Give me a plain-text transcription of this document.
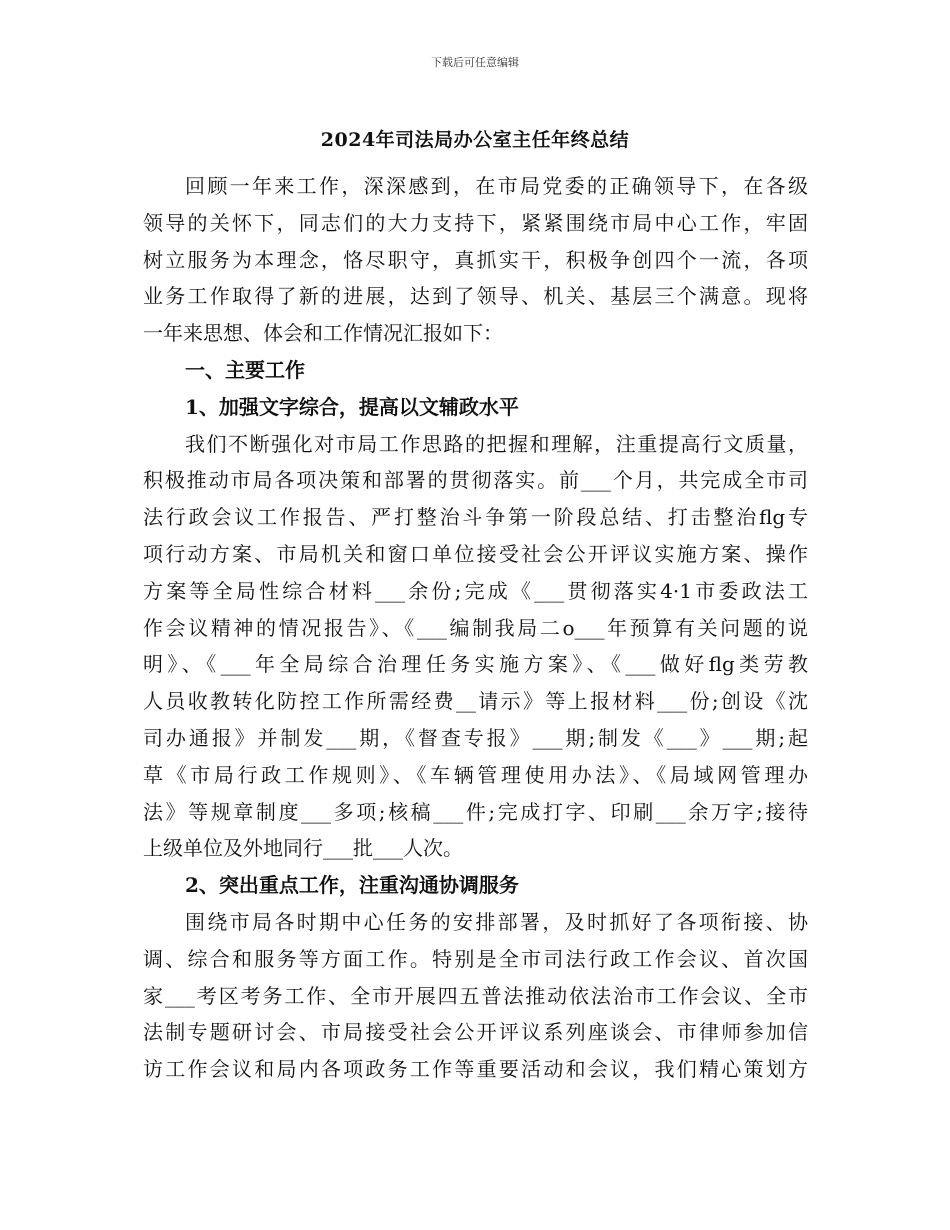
下载后可任意编辑
2024年司法局办公室主任年终总结
回顾一年来工作，深深感到，在市局党委的正确领导下，在各级
领导的关怀下，同志们的大力支持下，紧紧围绕市局中心工作，牢固
树立服务为本理念，恪尽职守，真抓实干，积极争创四个一流，各项
业务工作取得了新的进展，达到了领导、机关、基层三个满意。现将
一年来思想、体会和工作情况汇报如下：
一、主要工作
1、加强文字综合，提高以文辅政水平
我们不断强化对市局工作思路的把握和理解，注重提高行文质量，
积极推动市局各项决策和部署的贯彻落实。前___个月，共完成全市司
法行政会议工作报告、严打整治斗争第一阶段总结、打击整治flg专
项行动方案、市局机关和窗口单位接受社会公开评议实施方案、操作
方案等全局性综合材料___余份;完成《___贯彻落实4·1市委政法工
作会议精神的情况报告》、《___编制我局二o___年预算有关问题的说
明》、《___年全局综合治理任务实施方案》、《___做好flg类劳教
人员收教转化防控工作所需经费__请示》等上报材料___份;创设《沈
司办通报》并制发___期，《督查专报》___期;制发《___》___期;起
草《市局行政工作规则》、《车辆管理使用办法》、《局域网管理办
法》等规章制度___多项;核稿___件;完成打字、印刷___余万字;接待
上级单位及外地同行___批___人次。
2、突出重点工作，注重沟通协调服务
围绕市局各时期中心任务的安排部署，及时抓好了各项衔接、协
调、综合和服务等方面工作。特别是全市司法行政工作会议、首次国
家___考区考务工作、全市开展四五普法推动依法治市工作会议、全市
法制专题研讨会、市局接受社会公开评议系列座谈会、市律师参加信
访工作会议和局内各项政务工作等重要活动和会议，我们精心策划方
